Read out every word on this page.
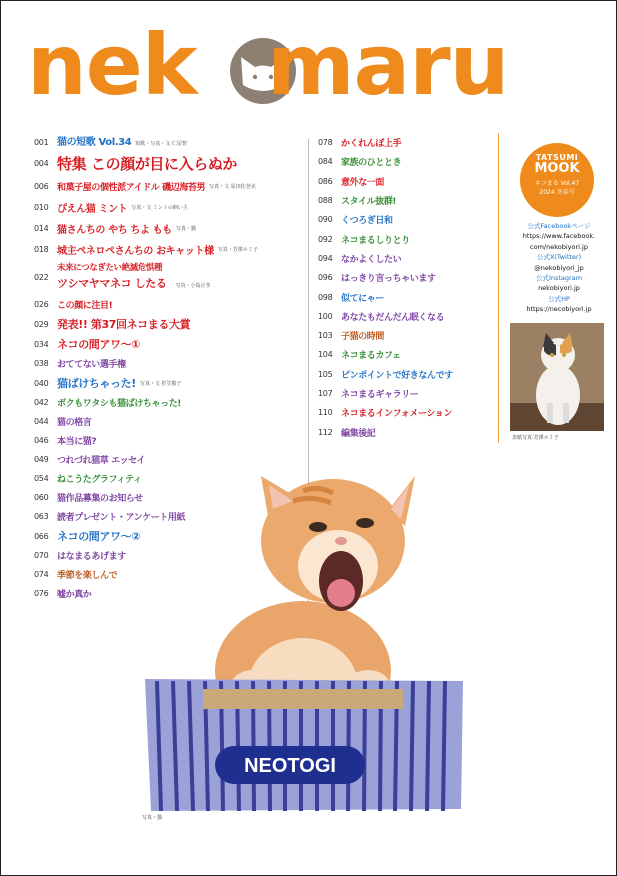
nek maru
001 猫の短歌 Vol.34 短歌・写真・文 仁尾智
004 特集 この顔が目に入らぬか
006 和菓子屋の個性派アイドル 磯辺海苔男 写真・文 原田佐登美
010 ぴえん猫 ミント 写真・文 ミントの飼い主
014 猫さんちの やち ちよ もも 写真・猫
018 城主ペネロペさんちの おキャット様 写真・芳澤ルミ子
022
未来につなぎたい絶滅危惧種
ツシマヤマネコ したる 写真・小島正孝
026 この顔に注目!
029 発表!! 第37回ネコまる大賞
034 ネコの間アワ〜①
038 おててない選手権
040 猫ばけちゃった! 写真・文 折笠敬子
042 ボクもワタシも猫ばけちゃった!
044 猫の格言
046 本当に猫?
049 つれづれ猫草 エッセイ
054 ねこうたグラフィティ
060 猫作品募集のお知らせ
063 読者プレゼント・アンケート用紙
066 ネコの間アワ〜②
070 はなまるあげます
074 季節を楽しんで
076 嘘か真か
078 かくれんぼ上手
084 家族のひととき
086 意外な一面
088 スタイル抜群!
090 くつろぎ日和
092 ネコまるしりとり
094 なかよくしたい
096 はっきり言っちゃいます
098 似てにゃー
100 あなたもだんだん眠くなる
103 子猫の時間
104 ネコまるカフェ
105 ピンポイントで好きなんです
107 ネコまるギャラリー
110 ネコまるインフォメーション
112 編集後記
TATSUMI
MOOK
ネコまる Vol.47
2024 冬春号
公式Facebookページ
https://www.facebook.
com/nekobiyori.jp
公式X(Twitter)
@nekobiyori_jp
公式Instagram
nekobiyori.jp
公式HP
https://necobiyori.jp
表紙写真:芳澤ルミ子
NEOTOGI
写真・猫
